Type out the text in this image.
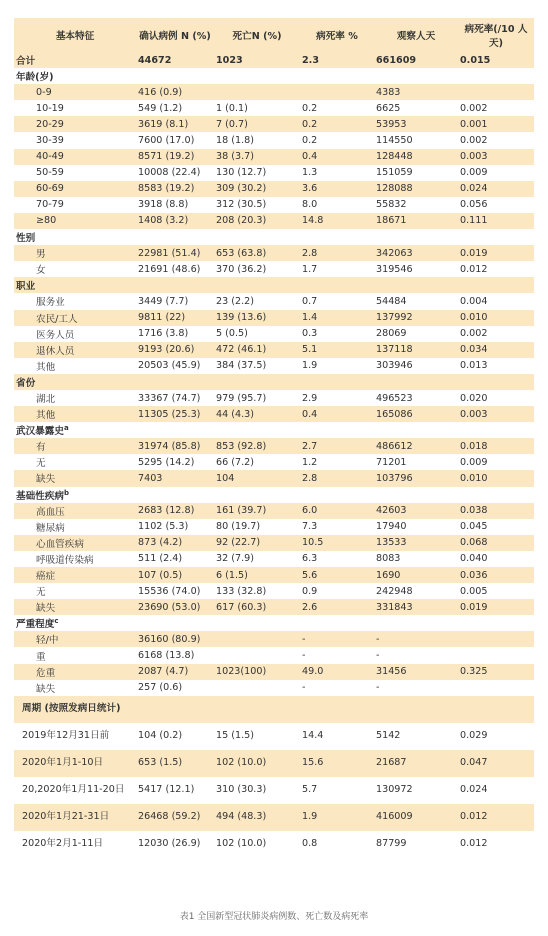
基本特征	确认病例 N (%)	死亡N (%)	病死率 %	观察人天	病死率(/10 人天)
合计	44672	1023	2.3	661609	0.015
年龄(岁)					
0-9	416 (0.9)			4383	
10-19	549 (1.2)	1 (0.1)	0.2	6625	0.002
20-29	3619 (8.1)	7 (0.7)	0.2	53953	0.001
30-39	7600 (17.0)	18 (1.8)	0.2	114550	0.002
40-49	8571 (19.2)	38 (3.7)	0.4	128448	0.003
50-59	10008 (22.4)	130 (12.7)	1.3	151059	0.009
60-69	8583 (19.2)	309 (30.2)	3.6	128088	0.024
70-79	3918 (8.8)	312 (30.5)	8.0	55832	0.056
≥80	1408 (3.2)	208 (20.3)	14.8	18671	0.111
性别					
男	22981 (51.4)	653 (63.8)	2.8	342063	0.019
女	21691 (48.6)	370 (36.2)	1.7	319546	0.012
职业					
服务业	3449 (7.7)	23 (2.2)	0.7	54484	0.004
农民/工人	9811 (22)	139 (13.6)	1.4	137992	0.010
医务人员	1716 (3.8)	5 (0.5)	0.3	28069	0.002
退休人员	9193 (20.6)	472 (46.1)	5.1	137118	0.034
其他	20503 (45.9)	384 (37.5)	1.9	303946	0.013
省份					
湖北	33367 (74.7)	979 (95.7)	2.9	496523	0.020
其他	11305 (25.3)	44 (4.3)	0.4	165086	0.003
武汉暴露史$^a$					
有	31974 (85.8)	853 (92.8)	2.7	486612	0.018
无	5295 (14.2)	66 (7.2)	1.2	71201	0.009
缺失	7403	104	2.8	103796	0.010
基础性疾病$^b$					
高血压	2683 (12.8)	161 (39.7)	6.0	42603	0.038
糖尿病	1102 (5.3)	80 (19.7)	7.3	17940	0.045
心血管疾病	873 (4.2)	92 (22.7)	10.5	13533	0.068
呼吸道传染病	511 (2.4)	32 (7.9)	6.3	8083	0.040
癌症	107 (0.5)	6 (1.5)	5.6	1690	0.036
无	15536 (74.0)	133 (32.8)	0.9	242948	0.005
缺失	23690 (53.0)	617 (60.3)	2.6	331843	0.019
严重程度$^c$					
轻/中	36160 (80.9)		-	-	
重	6168 (13.8)		-	-	
危重	2087 (4.7)	1023(100)	49.0	31456	0.325
缺失	257 (0.6)		-	-	
周期 (按照发病日统计)					
2019年12月31日前	104 (0.2)	15 (1.5)	14.4	5142	0.029
2020年1月1-10日	653 (1.5)	102 (10.0)	15.6	21687	0.047
20,2020年1月11-20日	5417 (12.1)	310 (30.3)	5.7	130972	0.024
2020年1月21-31日	26468 (59.2)	494 (48.3)	1.9	416009	0.012
2020年2月1-11日	12030 (26.9)	102 (10.0)	0.8	87799	0.012
表1 全国新型冠状肺炎病例数、死亡数及病死率
